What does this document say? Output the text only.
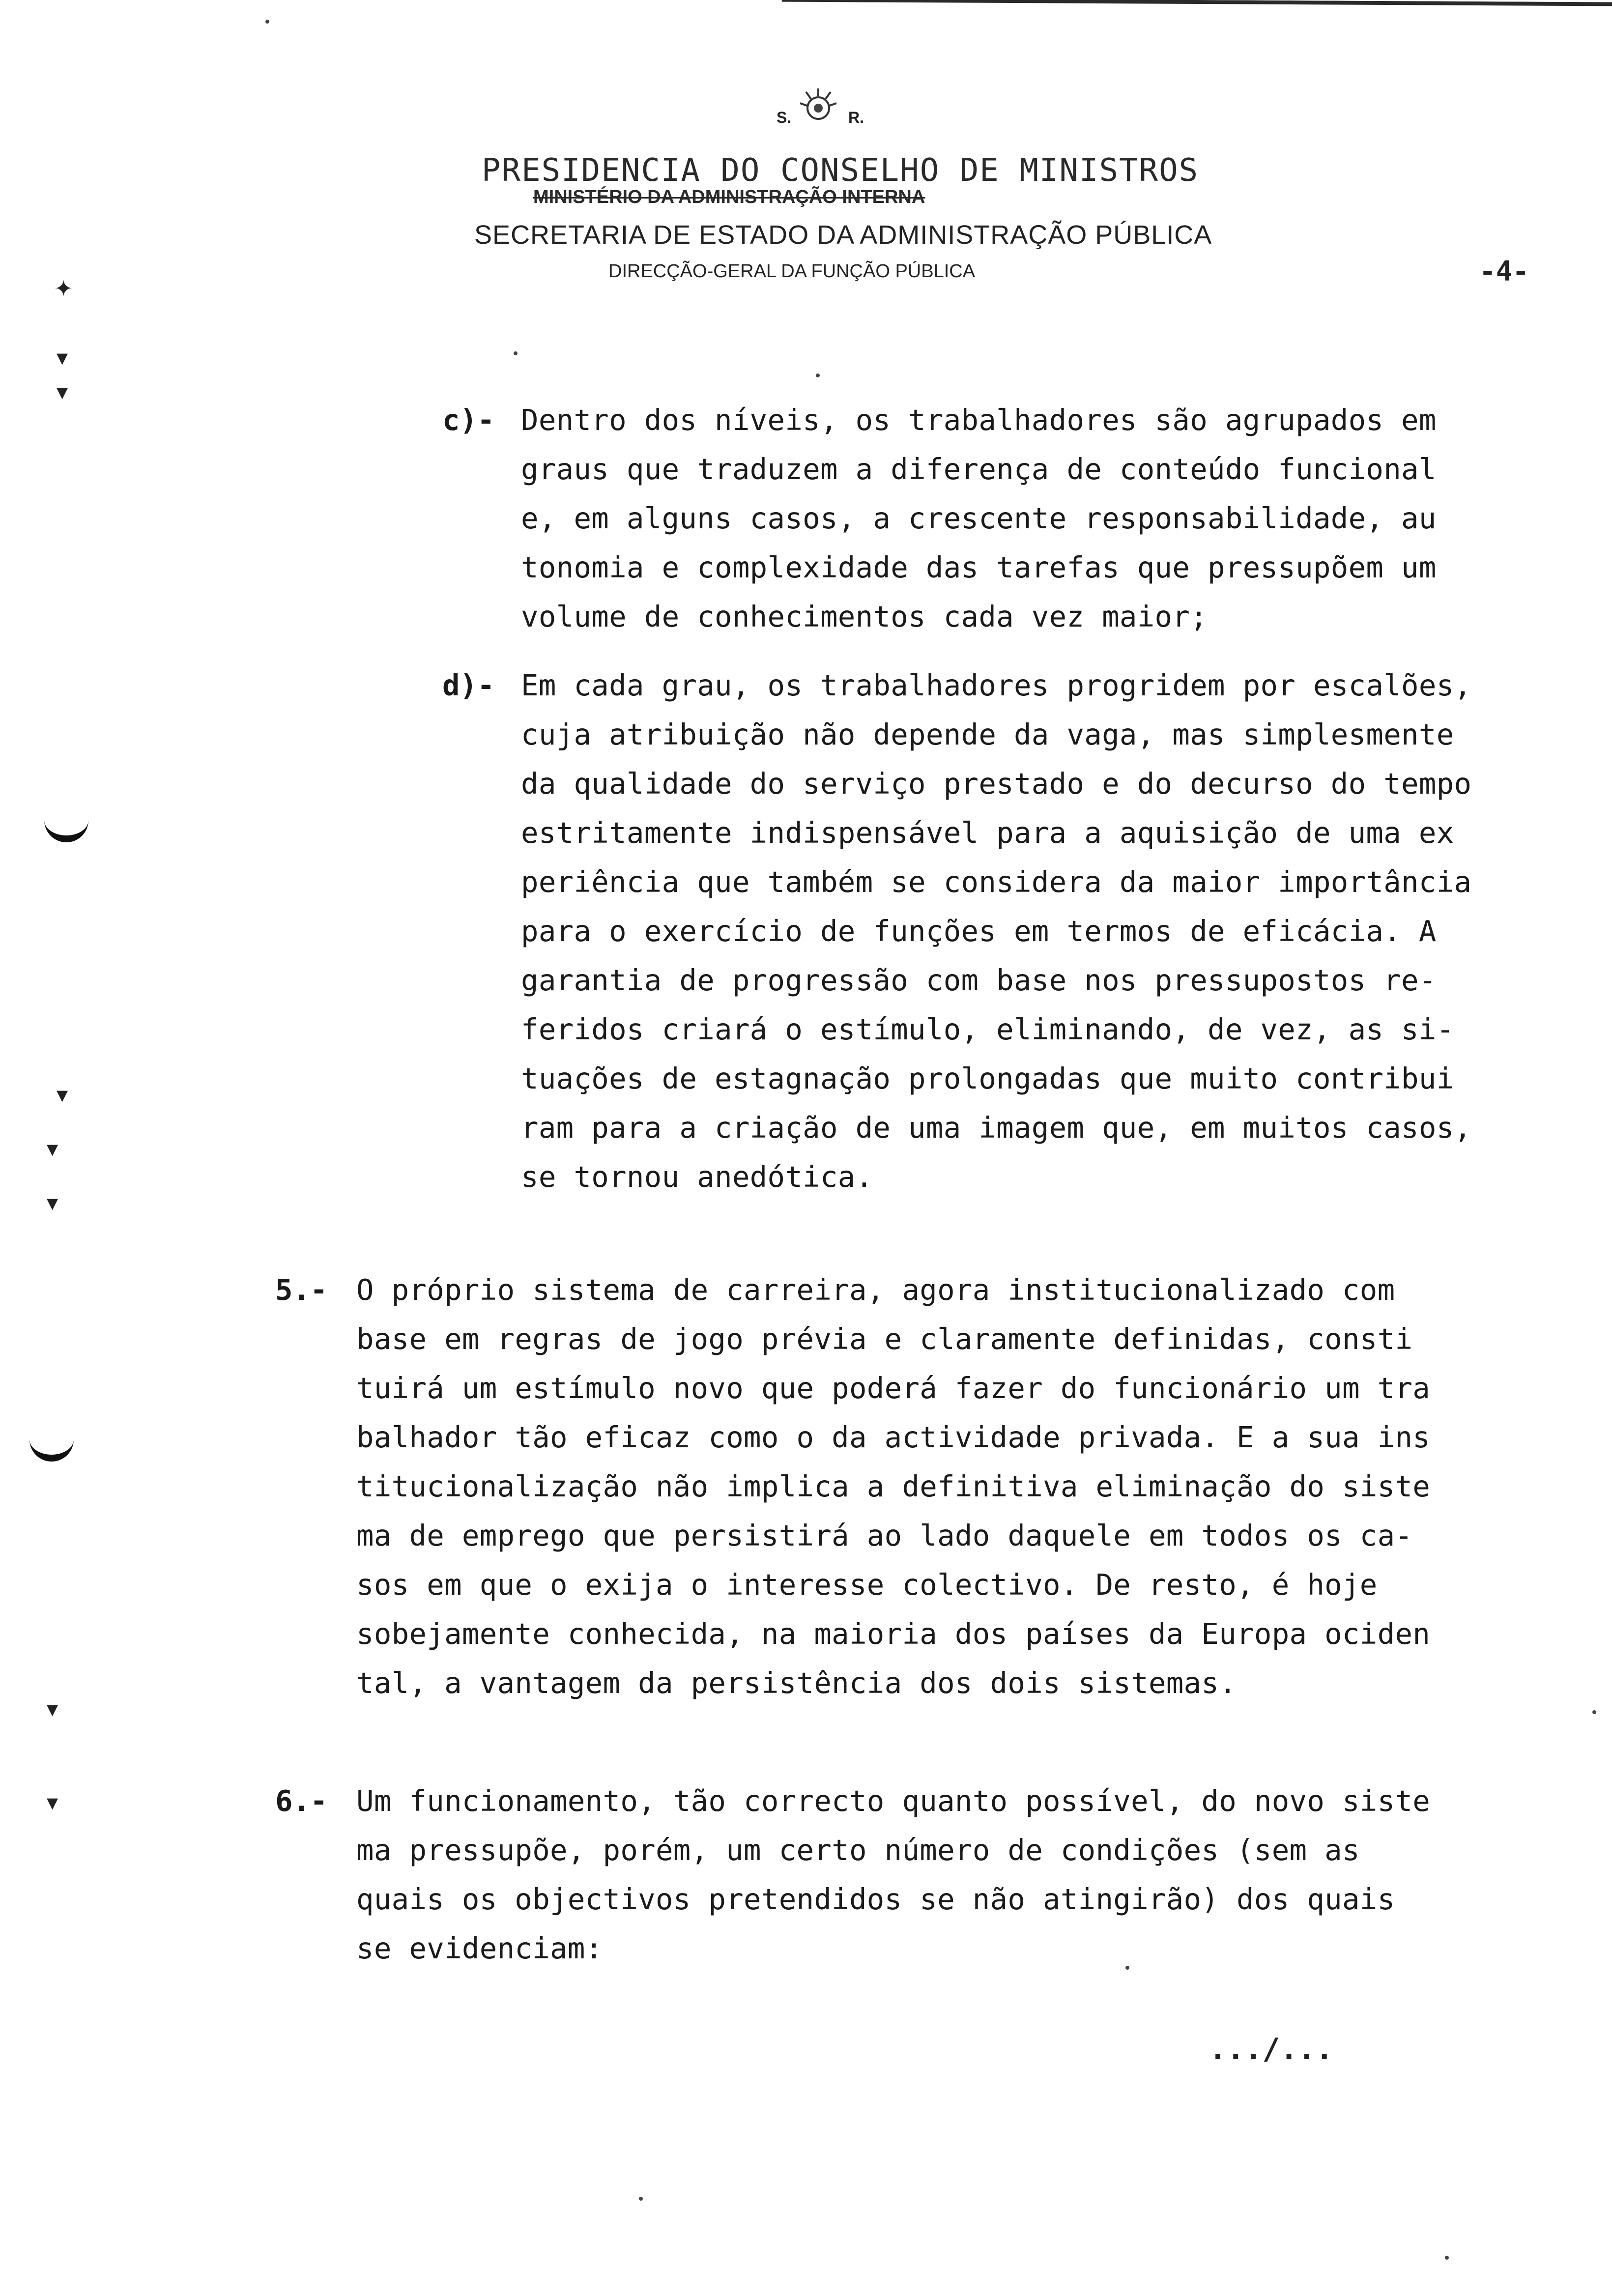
✦
▾
▾
▾
▾
▾
▾
▾
S.	R.
PRESIDENCIA DO CONSELHO DE MINISTROS
MINISTÉRIO DA ADMINISTRAÇÃO INTERNA
SECRETARIA DE ESTADO DA ADMINISTRAÇÃO PÚBLICA
DIRECÇÃO-GERAL DA FUNÇÃO PÚBLICA	-4-
c)- Dentro dos níveis, os trabalhadores são agrupados em
graus que traduzem a diferença de conteúdo funcional
e, em alguns casos, a crescente responsabilidade, au
tonomia e complexidade das tarefas que pressupõem um
volume de conhecimentos cada vez maior;
d)- Em cada grau, os trabalhadores progridem por escalões,
cuja atribuição não depende da vaga, mas simplesmente
da qualidade do serviço prestado e do decurso do tempo
estritamente indispensável para a aquisição de uma ex
periência que também se considera da maior importância
para o exercício de funções em termos de eficácia. A
garantia de progressão com base nos pressupostos re-
feridos criará o estímulo, eliminando, de vez, as si-
tuações de estagnação prolongadas que muito contribui
ram para a criação de uma imagem que, em muitos casos,
se tornou anedótica.
5.- O próprio sistema de carreira, agora institucionalizado com
base em regras de jogo prévia e claramente definidas, consti
tuirá um estímulo novo que poderá fazer do funcionário um tra
balhador tão eficaz como o da actividade privada. E a sua ins
titucionalização não implica a definitiva eliminação do siste
ma de emprego que persistirá ao lado daquele em todos os ca-
sos em que o exija o interesse colectivo. De resto, é hoje
sobejamente conhecida, na maioria dos países da Europa ociden
tal, a vantagem da persistência dos dois sistemas.
6.- Um funcionamento, tão correcto quanto possível, do novo siste
ma pressupõe, porém, um certo número de condições (sem as
quais os objectivos pretendidos se não atingirão) dos quais
se evidenciam:
.../...
